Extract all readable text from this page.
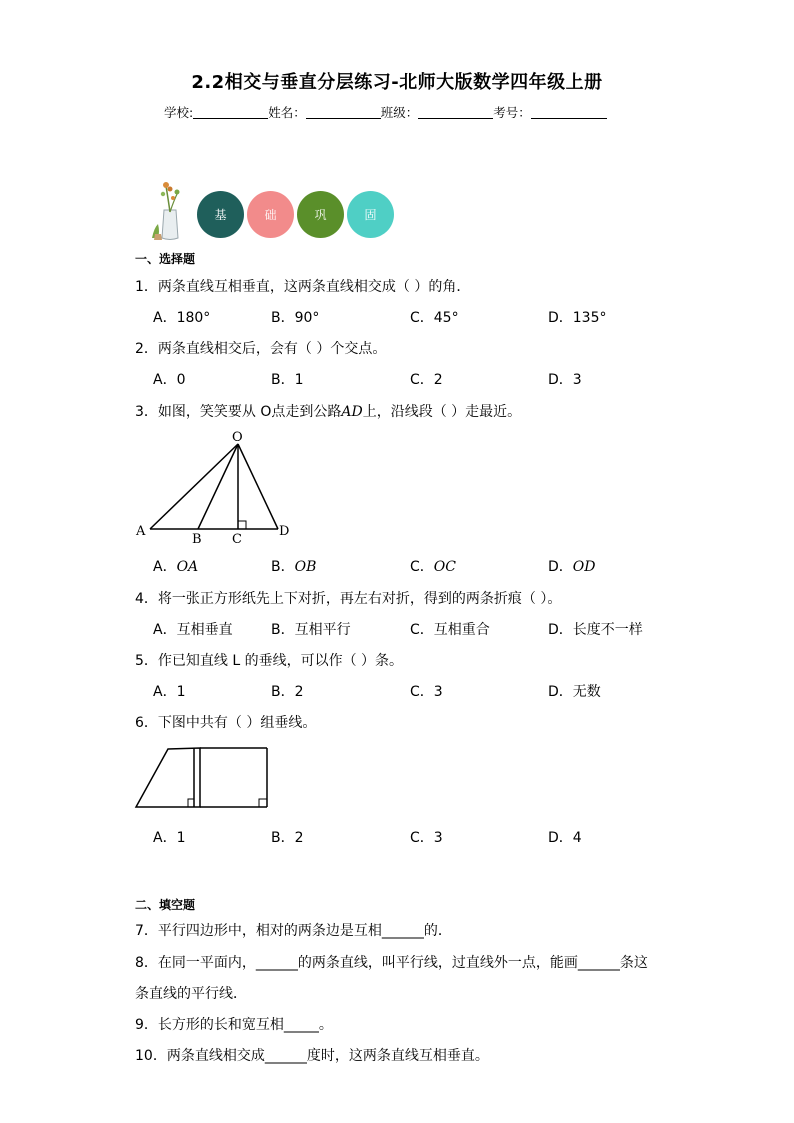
2.2相交与垂直分层练习-北师大版数学四年级上册
学校:	姓名：	班级：	考号：
基	础	巩	固
一、选择题
1．两条直线互相垂直，这两条直线相交成（ ）的角．
A．180°	B．90°	C．45°	D．135°
2．两条直线相交后，会有（ ）个交点。
A．0	B．1	C．2	D．3
3．如图，笑笑要从 O点走到公路AD上，沿线段（ ）走最近。
O
A
B C
D
A．OA	B．OB	C．OC	D．OD
4．将一张正方形纸先上下对折，再左右对折，得到的两条折痕（ ）。
A．互相垂直	B．互相平行	C．互相重合	D．长度不一样
5．作已知直线 L 的垂线，可以作（ ）条。
A．1	B．2	C．3	D．无数
6．下图中共有（ ）组垂线。
A．1	B．2	C．3	D．4
二、填空题
7．平行四边形中，相对的两条边是互相______的．
8．在同一平面内，______的两条直线，叫平行线，过直线外一点，能画______条这
条直线的平行线．
9．长方形的长和宽互相_____。
10．两条直线相交成______度时，这两条直线互相垂直。
